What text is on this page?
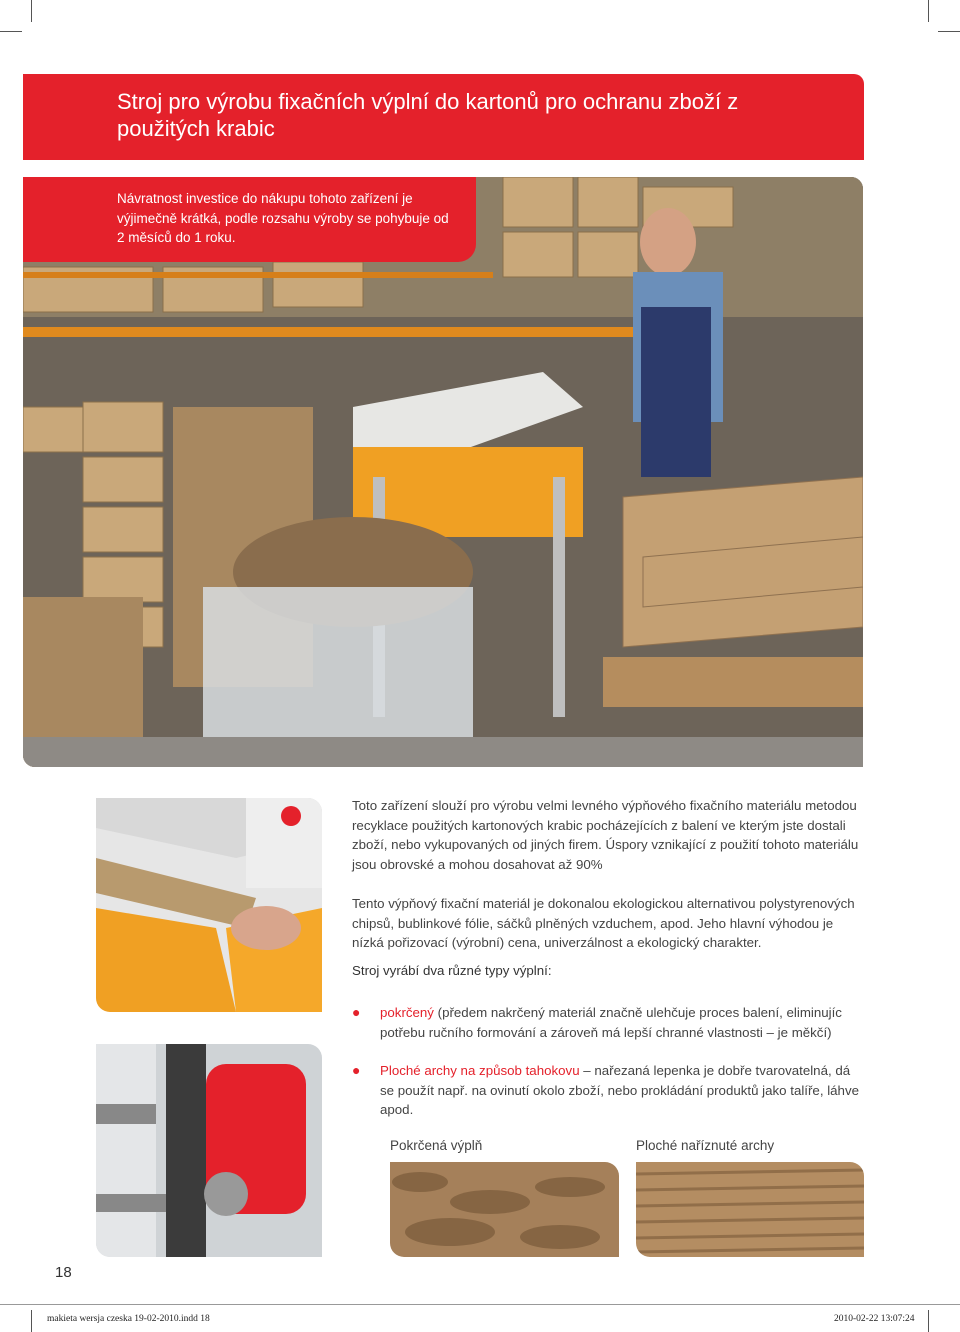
Stroj pro výrobu fixačních výplní do kartonů pro ochranu zboží z použitých krabic
Návratnost investice do nákupu tohoto zařízení je výjimečně krátká, podle rozsahu výroby se pohybuje od 2 měsíců do 1 roku.

Toto zařízení slouží pro výrobu velmi levného výpňového fixačního materiálu metodou recyklace použitých kartonových krabic pocházejících z balení ve kterým jste dostali zboží, nebo vykupovaných od jiných firem. Úspory vznikající z použití tohoto materiálu jsou obrovské a mohou dosahovat až 90%

Tento výpňový fixační materiál je dokonalou ekologickou alternativou polystyrenových chipsů, bublinkové fólie, sáčků plněných vzduchem, apod. Jeho hlavní výhodou je nízká pořizovací (výrobní) cena, univerzálnost a ekologický charakter.

Stroj vyrábí dva různé typy výplní:
● pokrčený (předem nakrčený materiál značně ulehčuje proces balení, eliminujíc potřebu ručního formování a zároveň má lepší chranné vlastnosti – je měkčí)
● Ploché archy na způsob tahokovu – nařezaná lepenka je dobře tvarovatelná, dá se použít např. na ovinutí okolo zboží, nebo prokládání produktů jako talíře, láhve apod.
Pokrčená výplň	Ploché naříznuté archy
18
makieta wersja czeska 19-02-2010.indd 18	2010-02-22 13:07:24
